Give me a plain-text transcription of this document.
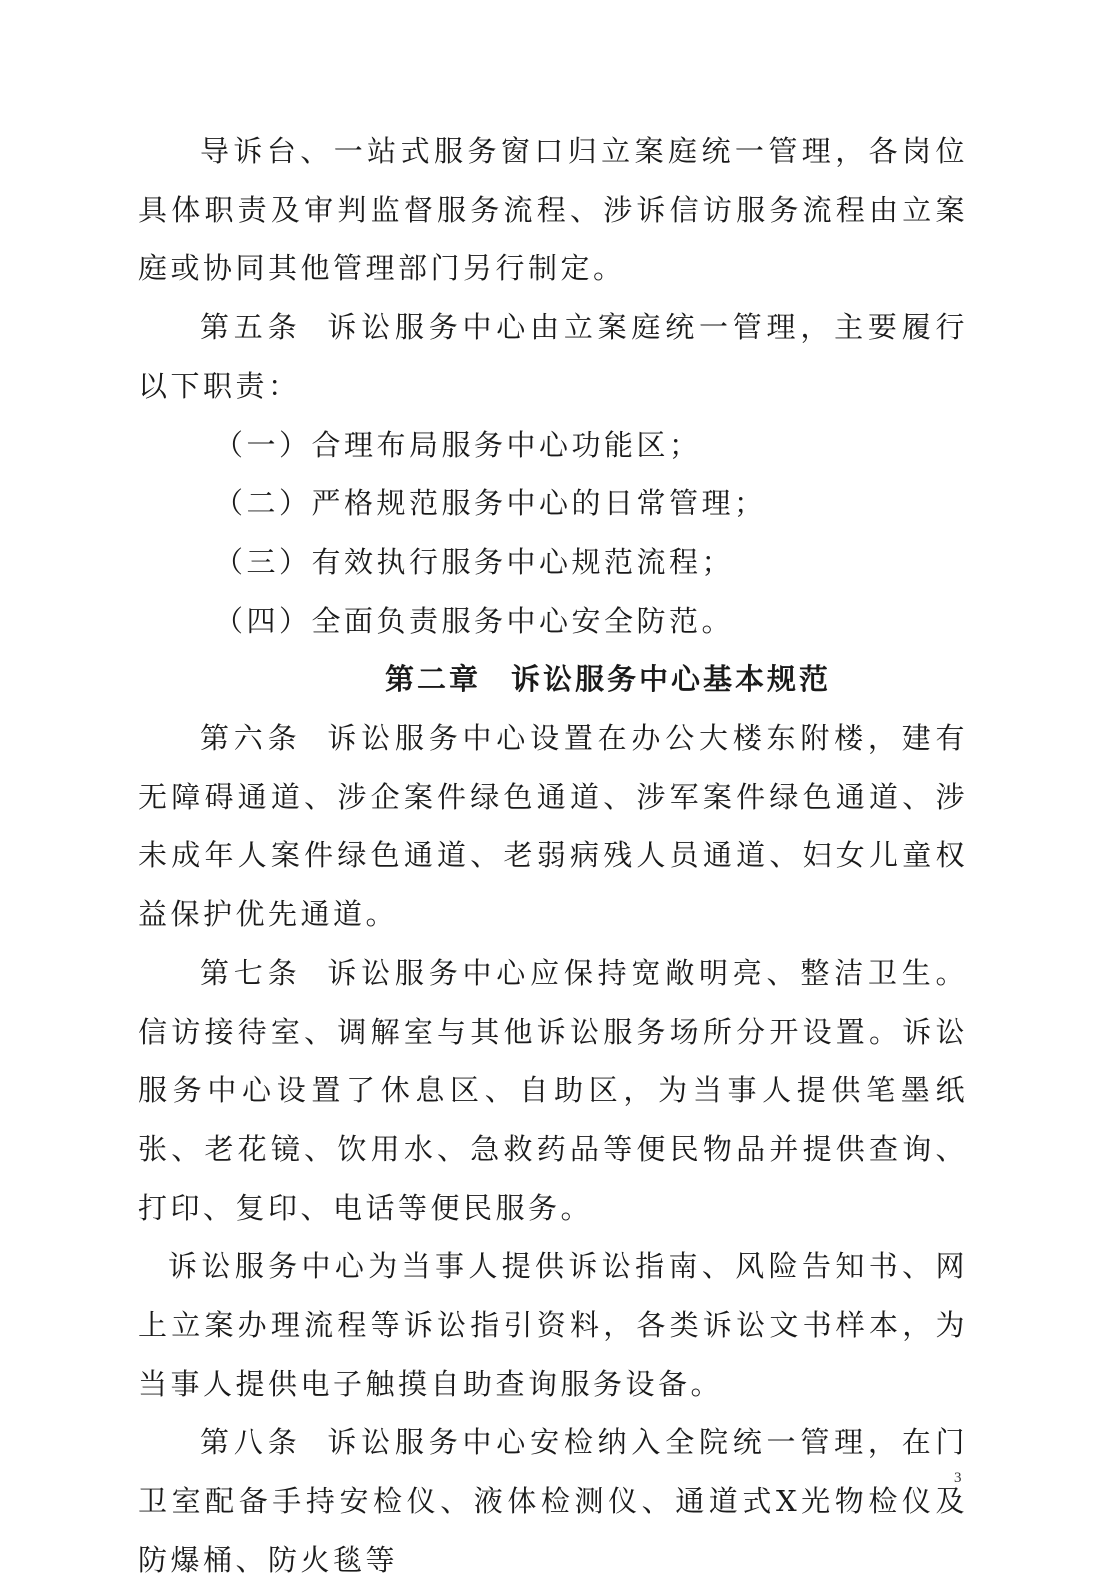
导诉台、一站式服务窗口归立案庭统一管理，各岗位具体职责及审判监督服务流程、涉诉信访服务流程由立案庭或协同其他管理部门另行制定。

第五条 诉讼服务中心由立案庭统一管理，主要履行以下职责：

（一）合理布局服务中心功能区；

（二）严格规范服务中心的日常管理；

（三）有效执行服务中心规范流程；

（四）全面负责服务中心安全防范。

第二章 诉讼服务中心基本规范

第六条 诉讼服务中心设置在办公大楼东附楼，建有无障碍通道、涉企案件绿色通道、涉军案件绿色通道、涉未成年人案件绿色通道、老弱病残人员通道、妇女儿童权益保护优先通道。

第七条 诉讼服务中心应保持宽敞明亮、整洁卫生。信访接待室、调解室与其他诉讼服务场所分开设置。诉讼服务中心设置了休息区、自助区，为当事人提供笔墨纸张、老花镜、饮用水、急救药品等便民物品并提供查询、打印、复印、电话等便民服务。

诉讼服务中心为当事人提供诉讼指南、风险告知书、网上立案办理流程等诉讼指引资料，各类诉讼文书样本，为当事人提供电子触摸自助查询服务设备。

第八条 诉讼服务中心安检纳入全院统一管理，在门卫室配备手持安检仪、液体检测仪、通道式X光物检仪及防爆桶、防火毯等

3
